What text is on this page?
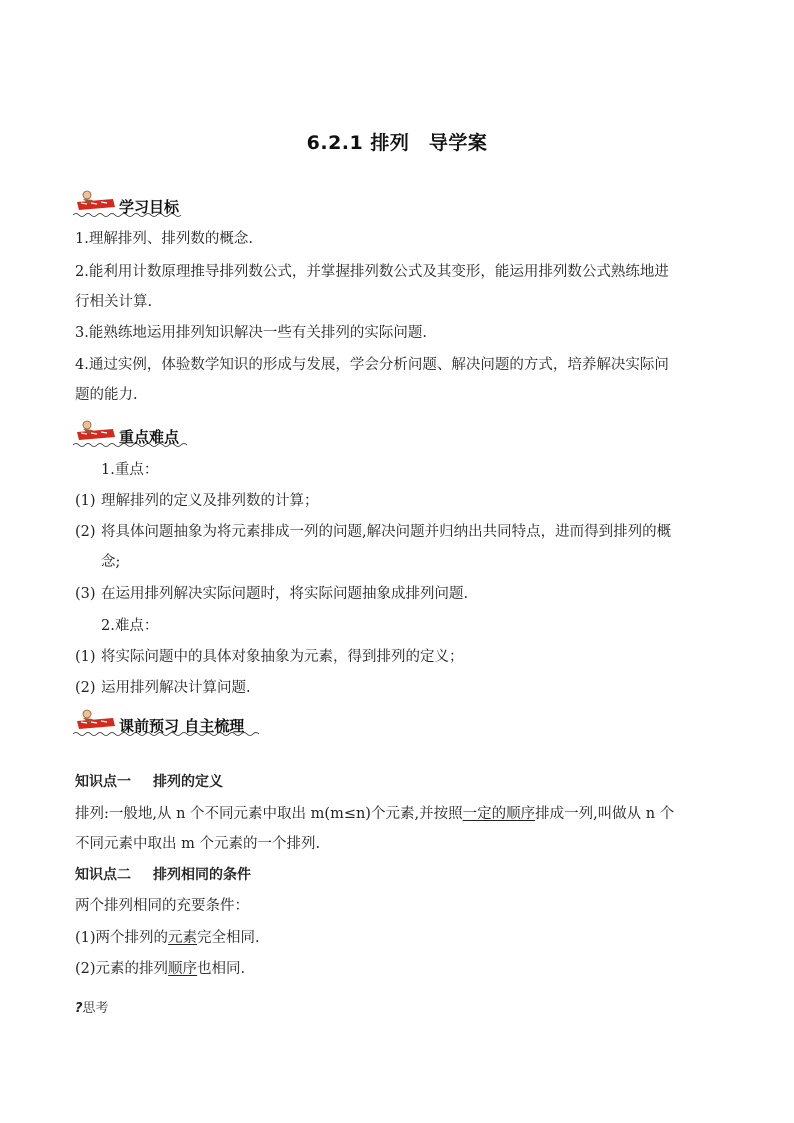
6.2.1 排列　导学案
学习目标
1.理解排列、排列数的概念.
2.能利用计数原理推导排列数公式，并掌握排列数公式及其变形，能运用排列数公式熟练地进
行相关计算.
3.能熟练地运用排列知识解决一些有关排列的实际问题.
4.通过实例，体验数学知识的形成与发展，学会分析问题、解决问题的方式，培养解决实际问
题的能力.
重点难点
1.重点：
(1) 理解排列的定义及排列数的计算；
(2) 将具体问题抽象为将元素排成一列的问题,解决问题并归纳出共同特点，进而得到排列的概
念;
(3) 在运用排列解决实际问题时，将实际问题抽象成排列问题.
2.难点：
(1) 将实际问题中的具体对象抽象为元素，得到排列的定义；
(2) 运用排列解决计算问题.
课前预习 自主梳理
知识点一 排列的定义
排列:一般地,从 n 个不同元素中取出 m(m≤n)个元素,并按照一定的顺序排成一列,叫做从 n 个
不同元素中取出 m 个元素的一个排列.
知识点二 排列相同的条件
两个排列相同的充要条件：
(1)两个排列的元素完全相同.
(2)元素的排列顺序也相同.
?思考
